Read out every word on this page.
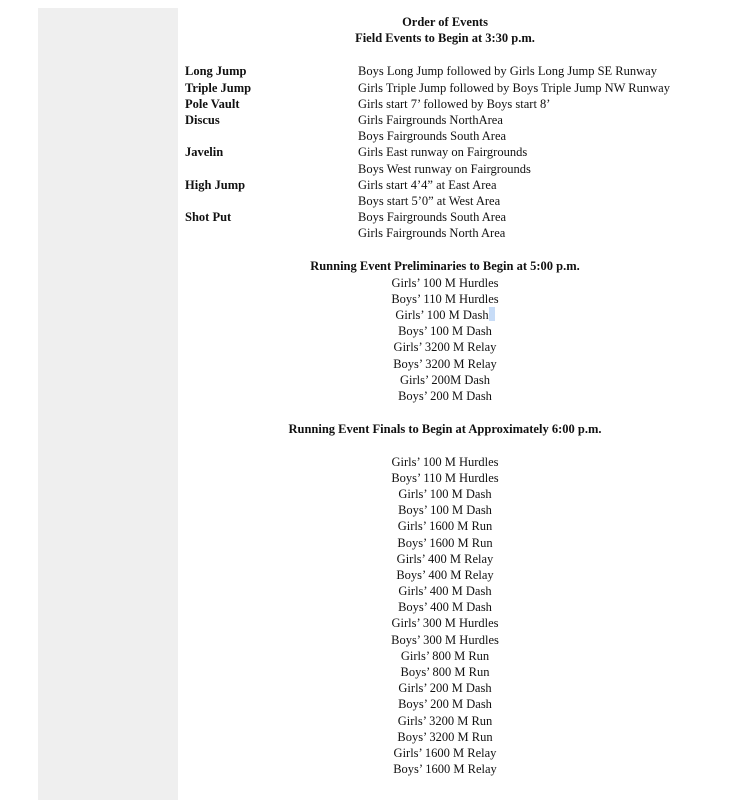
Order of Events
Field Events to Begin at 3:30 p.m.
Long Jump	Boys Long Jump followed by Girls Long Jump SE Runway
Triple Jump	Girls Triple Jump followed by Boys Triple Jump NW Runway
Pole Vault	Girls start 7’ followed by Boys start 8’
Discus	Girls Fairgrounds NorthArea
Boys Fairgrounds South Area
Javelin	Girls East runway on Fairgrounds
Boys West runway on Fairgrounds
High Jump	Girls start 4’4” at East Area
Boys start 5’0” at West Area
Shot Put	Boys Fairgrounds South Area
Girls Fairgrounds North Area
Running Event Preliminaries to Begin at 5:00 p.m.
Girls’ 100 M Hurdles
Boys’ 110 M Hurdles
Girls’ 100 M Dash
Boys’ 100 M Dash
Girls’ 3200 M Relay
Boys’ 3200 M Relay
Girls’ 200M Dash
Boys’ 200 M Dash
Running Event Finals to Begin at Approximately 6:00 p.m.
Girls’ 100 M Hurdles
Boys’ 110 M Hurdles
Girls’ 100 M Dash
Boys’ 100 M Dash
Girls’ 1600 M Run
Boys’ 1600 M Run
Girls’ 400 M Relay
Boys’ 400 M Relay
Girls’ 400 M Dash
Boys’ 400 M Dash
Girls’ 300 M Hurdles
Boys’ 300 M Hurdles
Girls’ 800 M Run
Boys’ 800 M Run
Girls’ 200 M Dash
Boys’ 200 M Dash
Girls’ 3200 M Run
Boys’ 3200 M Run
Girls’ 1600 M Relay
Boys’ 1600 M Relay
